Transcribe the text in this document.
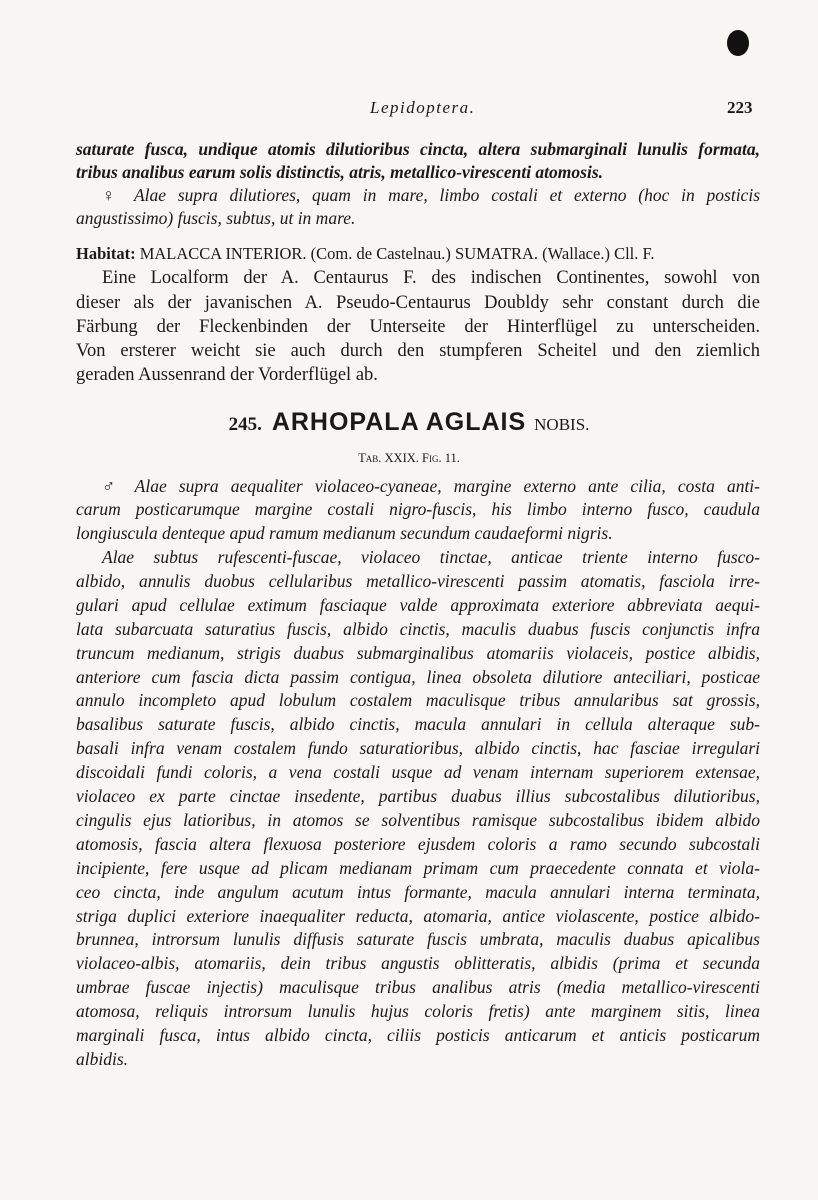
Lepidoptera.	223
saturate fusca, undique atomis dilutioribus cincta, altera submarginali lunulis formata,
tribus analibus earum solis distinctis, atris, metallico-virescenti atomosis.
♀ Alae supra dilutiores, quam in mare, limbo costali et externo (hoc in posticis
angustissimo) fuscis, subtus, ut in mare.
Habitat: MALACCA INTERIOR. (Com. de Castelnau.) SUMATRA. (Wallace.) Cll. F.
Eine Localform der A. Centaurus F. des indischen Continentes, sowohl von
dieser als der javanischen A. Pseudo-Centaurus Doubldy sehr constant durch die
Färbung der Fleckenbinden der Unterseite der Hinterflügel zu unterscheiden.
Von ersterer weicht sie auch durch den stumpferen Scheitel und den ziemlich
geraden Aussenrand der Vorderflügel ab.
245. ARHOPALA AGLAIS NOBIS.
Tab. XXIX. Fig. 11.
♂ Alae supra aequaliter violaceo-cyaneae, margine externo ante cilia, costa anti-
carum posticarumque margine costali nigro-fuscis, his limbo interno fusco, caudula
longiuscula denteque apud ramum medianum secundum caudaeformi nigris.
Alae subtus rufescenti-fuscae, violaceo tinctae, anticae triente interno fusco-
albido, annulis duobus cellularibus metallico-virescenti passim atomatis, fasciola irre-
gulari apud cellulae extimum fasciaque valde approximata exteriore abbreviata aequi-
lata subarcuata saturatius fuscis, albido cinctis, maculis duabus fuscis conjunctis infra
truncum medianum, strigis duabus submarginalibus atomariis violaceis, postice albidis,
anteriore cum fascia dicta passim contigua, linea obsoleta dilutiore anteciliari, posticae
annulo incompleto apud lobulum costalem maculisque tribus annularibus sat grossis,
basalibus saturate fuscis, albido cinctis, macula annulari in cellula alteraque sub-
basali infra venam costalem fundo saturatioribus, albido cinctis, hac fasciae irregulari
discoidali fundi coloris, a vena costali usque ad venam internam superiorem extensae,
violaceo ex parte cinctae insedente, partibus duabus illius subcostalibus dilutioribus,
cingulis ejus latioribus, in atomos se solventibus ramisque subcostalibus ibidem albido
atomosis, fascia altera flexuosa posteriore ejusdem coloris a ramo secundo subcostali
incipiente, fere usque ad plicam medianam primam cum praecedente connata et viola-
ceo cincta, inde angulum acutum intus formante, macula annulari interna terminata,
striga duplici exteriore inaequaliter reducta, atomaria, antice violascente, postice albido-
brunnea, introrsum lunulis diffusis saturate fuscis umbrata, maculis duabus apicalibus
violaceo-albis, atomariis, dein tribus angustis oblitteratis, albidis (prima et secunda
umbrae fuscae injectis) maculisque tribus analibus atris (media metallico-virescenti
atomosa, reliquis introrsum lunulis hujus coloris fretis) ante marginem sitis, linea
marginali fusca, intus albido cincta, ciliis posticis anticarum et anticis posticarum
albidis.
